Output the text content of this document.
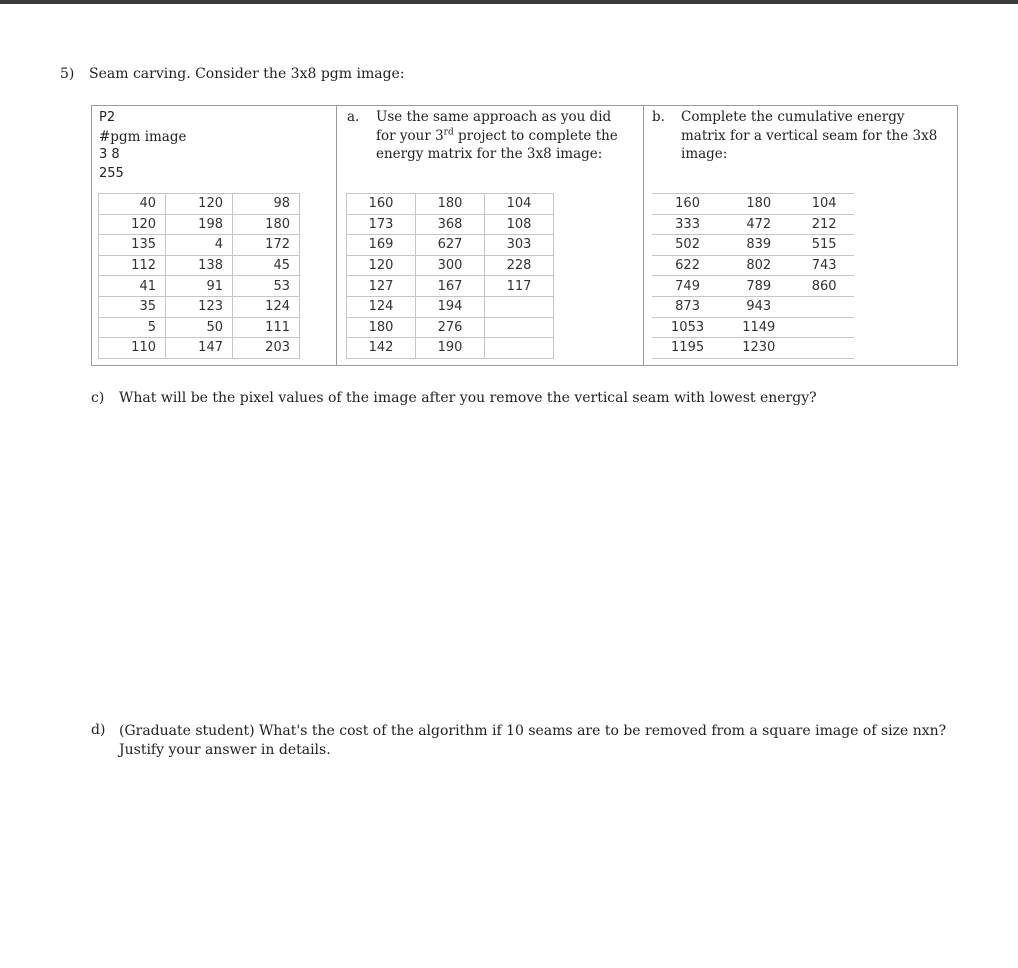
5) Seam carving. Consider the 3x8 pgm image:
P2
#pgm image
3 8
255
a. Use the same approach as you did
for your 3rd project to complete the
energy matrix for the 3x8 image:
b. Complete the cumulative energy
matrix for a vertical seam for the 3x8
image:
40	120	98
120	198	180
135	4	172
112	138	45
41	91	53
35	123	124
5	50	111
110	147	203
160	180	104
173	368	108
169	627	303
120	300	228
127	167	117
124	194	
180	276	
142	190	
160	180	104
333	472	212
502	839	515
622	802	743
749	789	860
873	943	
1053	1149	
1195	1230	
c) What will be the pixel values of the image after you remove the vertical seam with lowest energy?
d) (Graduate student) What's the cost of the algorithm if 10 seams are to be removed from a square image of size nxn?
Justify your answer in details.
